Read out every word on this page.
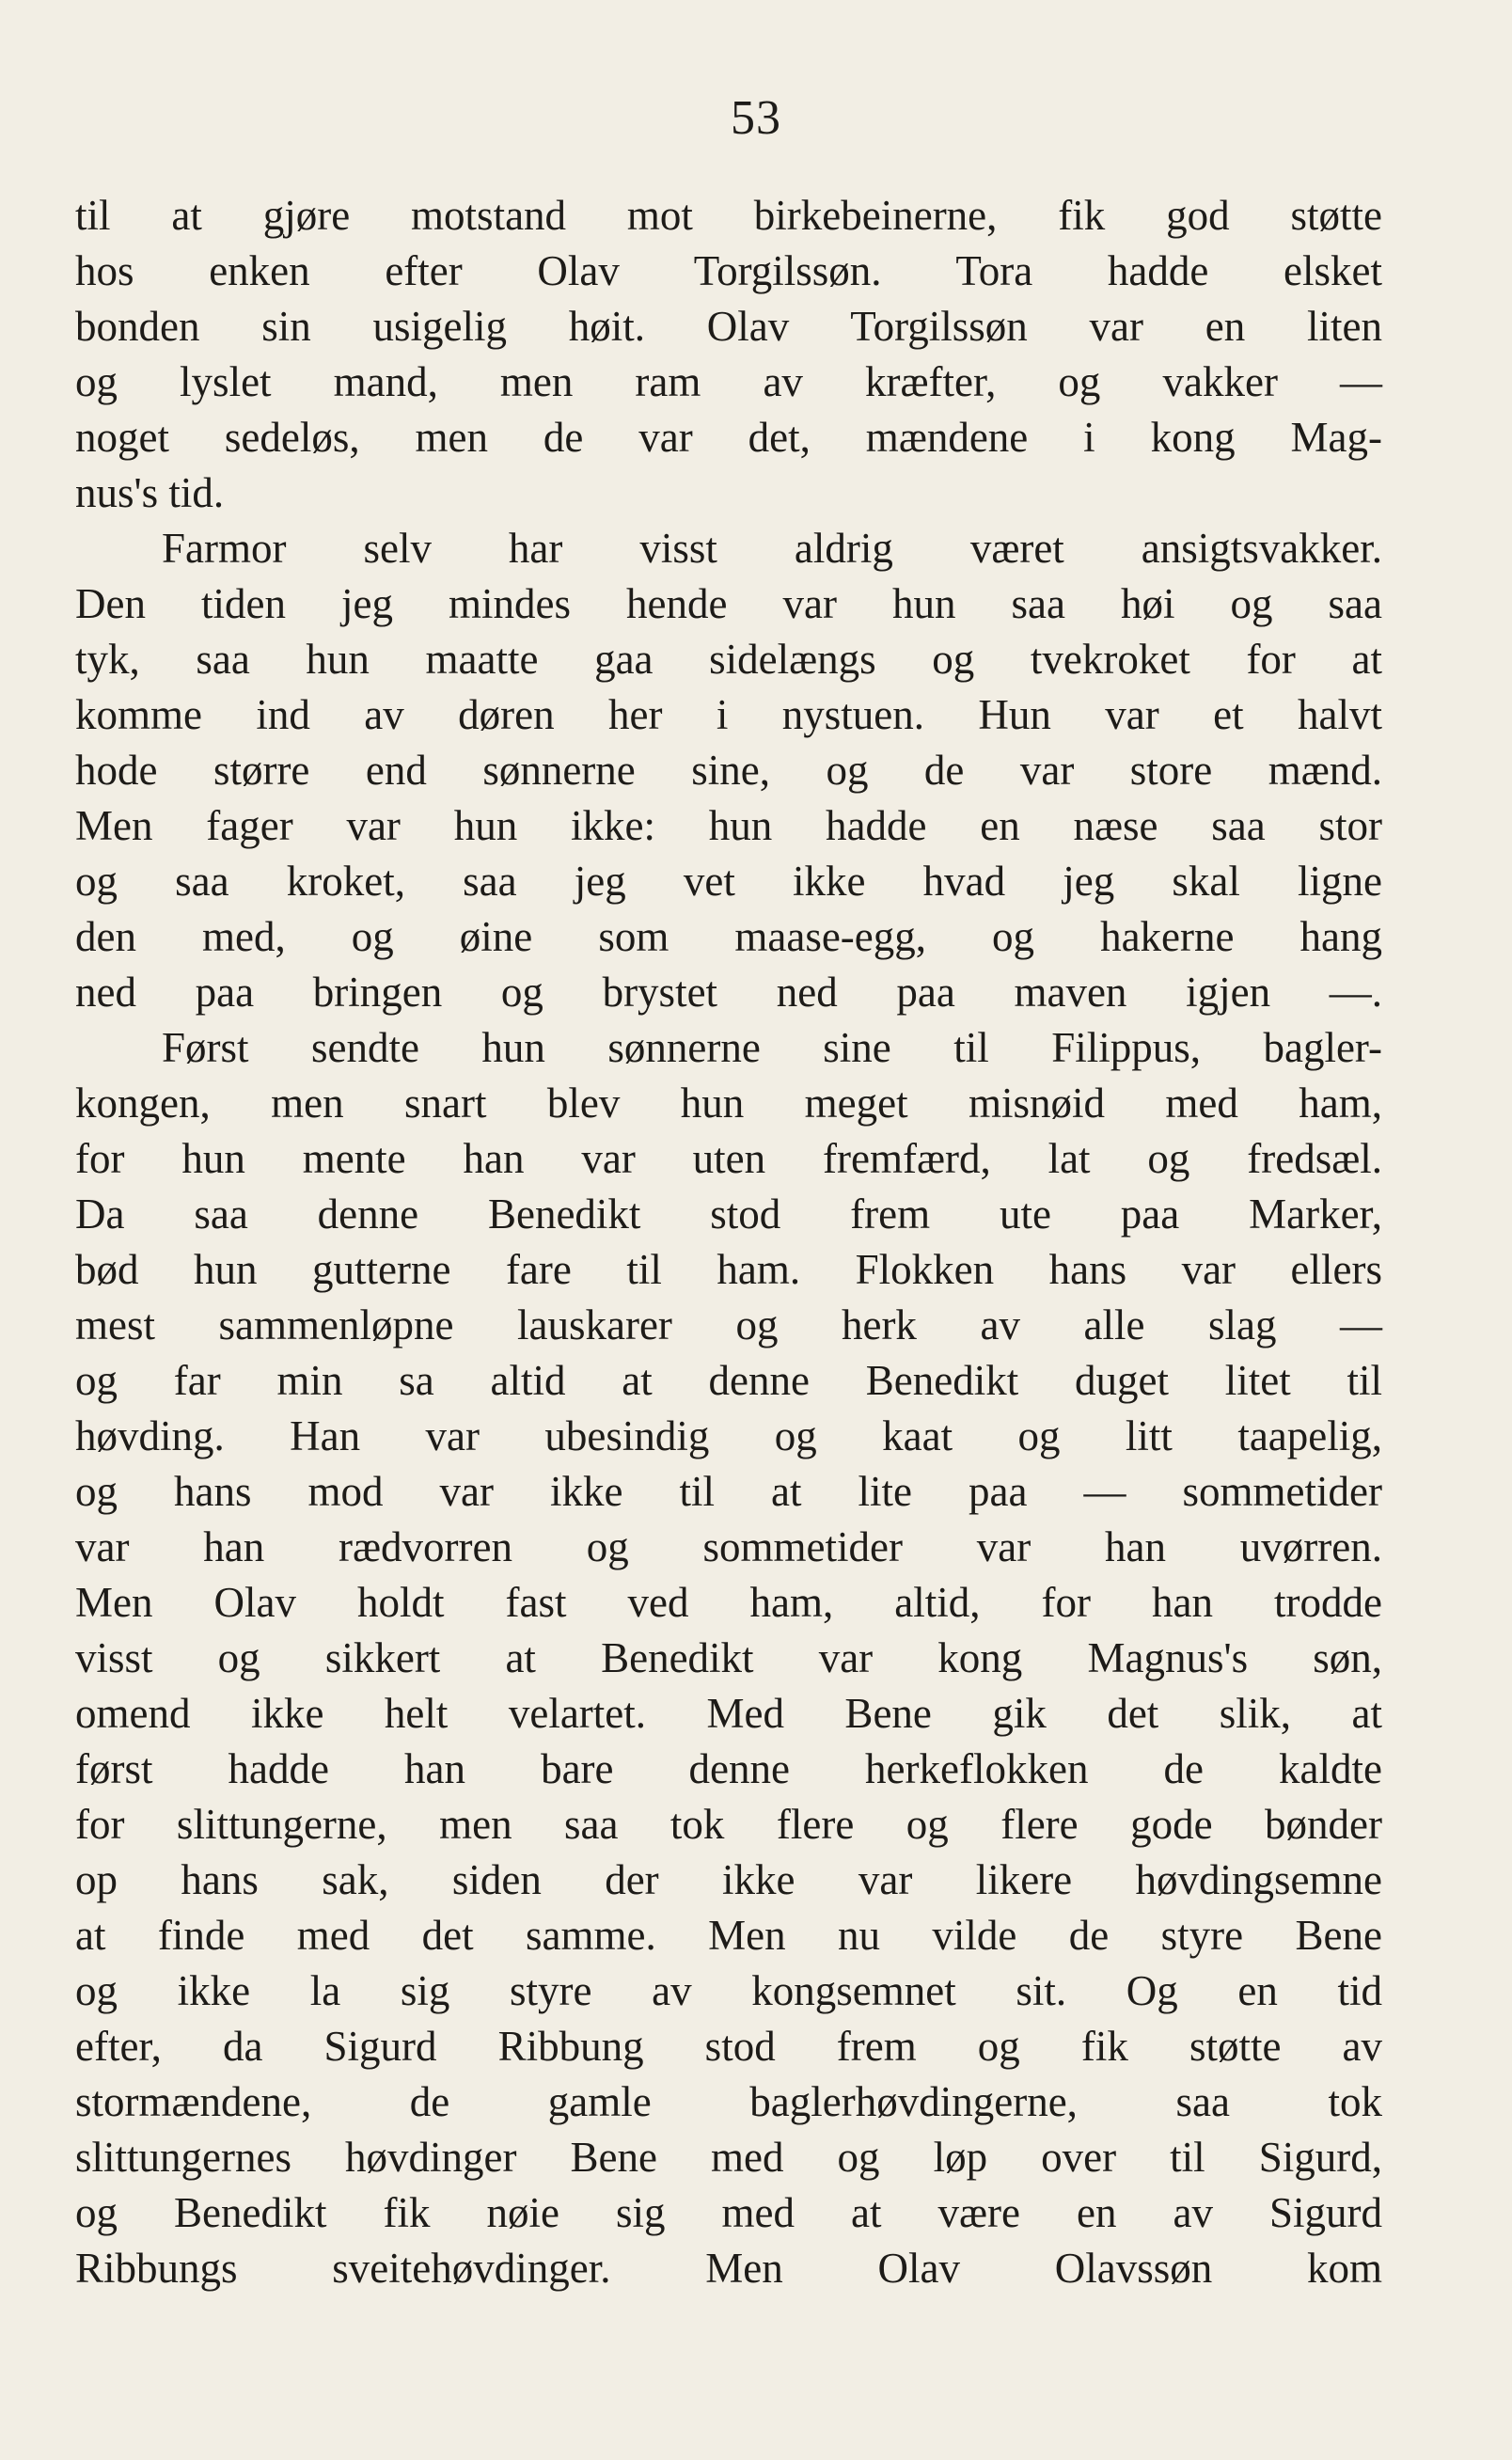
53
til at gjøre motstand mot birkebeinerne, fik god støtte
hos enken efter Olav Torgilssøn. Tora hadde elsket
bonden sin usigelig høit. Olav Torgilssøn var en liten
og lyslet mand, men ram av kræfter, og vakker —
noget sedeløs, men de var det, mændene i kong Mag-
nus's tid.
Farmor selv har visst aldrig været ansigtsvakker.
Den tiden jeg mindes hende var hun saa høi og saa
tyk, saa hun maatte gaa sidelængs og tvekroket for at
komme ind av døren her i nystuen. Hun var et halvt
hode større end sønnerne sine, og de var store mænd.
Men fager var hun ikke: hun hadde en næse saa stor
og saa kroket, saa jeg vet ikke hvad jeg skal ligne
den med, og øine som maase-egg, og hakerne hang
ned paa bringen og brystet ned paa maven igjen —.
Først sendte hun sønnerne sine til Filippus, bagler-
kongen, men snart blev hun meget misnøid med ham,
for hun mente han var uten fremfærd, lat og fredsæl.
Da saa denne Benedikt stod frem ute paa Marker,
bød hun gutterne fare til ham. Flokken hans var ellers
mest sammenløpne lauskarer og herk av alle slag —
og far min sa altid at denne Benedikt duget litet til
høvding. Han var ubesindig og kaat og litt taapelig,
og hans mod var ikke til at lite paa — sommetider
var han rædvorren og sommetider var han uvørren.
Men Olav holdt fast ved ham, altid, for han trodde
visst og sikkert at Benedikt var kong Magnus's søn,
omend ikke helt velartet. Med Bene gik det slik, at
først hadde han bare denne herkeflokken de kaldte
for slittungerne, men saa tok flere og flere gode bønder
op hans sak, siden der ikke var likere høvdingsemne
at finde med det samme. Men nu vilde de styre Bene
og ikke la sig styre av kongsemnet sit. Og en tid
efter, da Sigurd Ribbung stod frem og fik støtte av
stormændene, de gamle baglerhøvdingerne, saa tok
slittungernes høvdinger Bene med og løp over til Sigurd,
og Benedikt fik nøie sig med at være en av Sigurd
Ribbungs sveitehøvdinger. Men Olav Olavssøn kom
